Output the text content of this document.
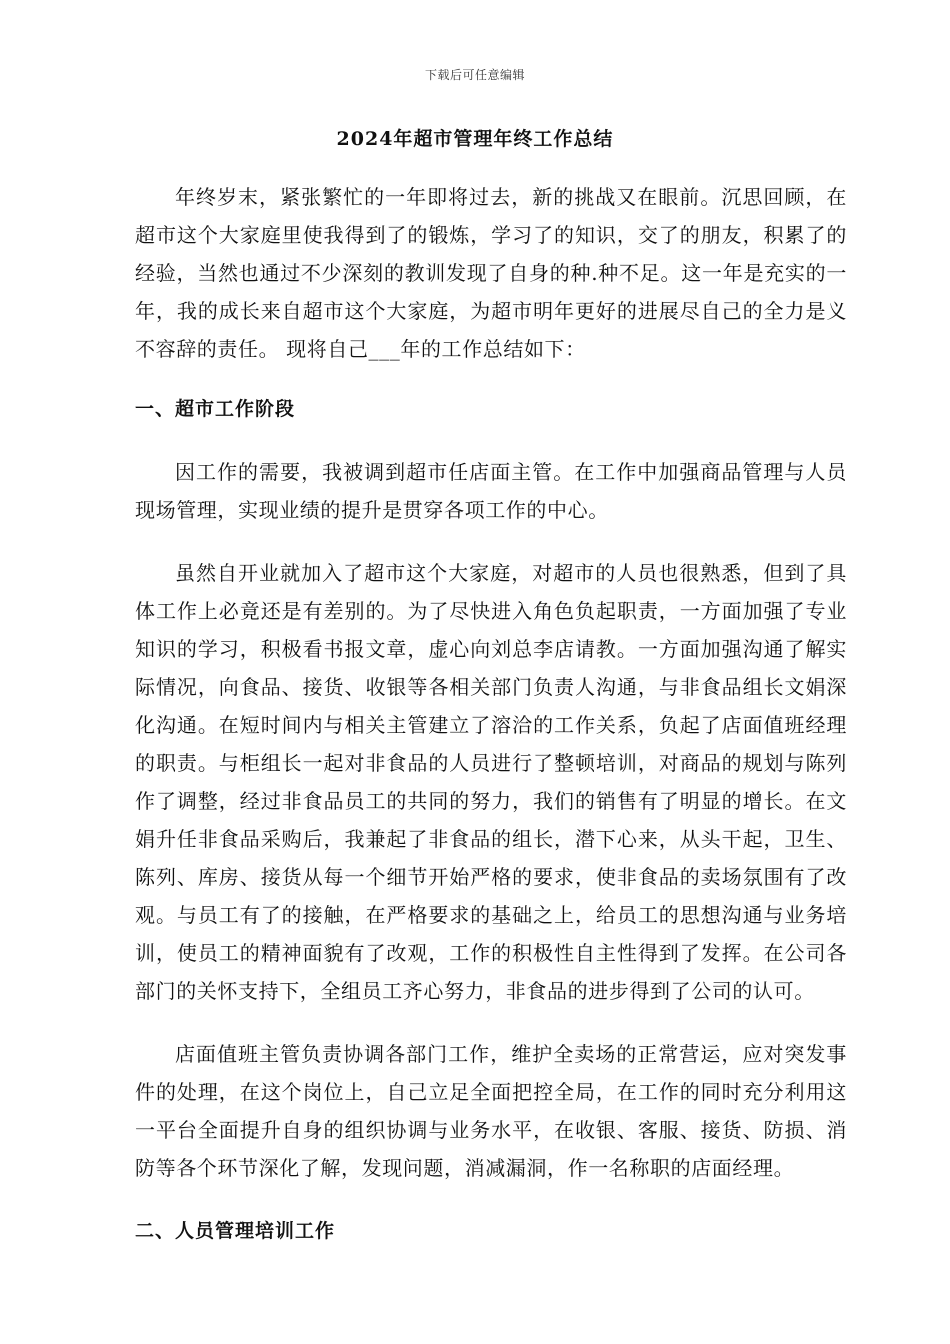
下载后可任意编辑
2024年超市管理年终工作总结

年终岁末，紧张繁忙的一年即将过去，新的挑战又在眼前。沉思回顾，在超市这个大家庭里使我得到了的锻炼，学习了的知识，交了的朋友，积累了的经验，当然也通过不少深刻的教训发现了自身的种.种不足。这一年是充实的一年，我的成长来自超市这个大家庭，为超市明年更好的进展尽自己的全力是义不容辞的责任。 现将自己___年的工作总结如下：

一、超市工作阶段

因工作的需要，我被调到超市任店面主管。在工作中加强商品管理与人员现场管理，实现业绩的提升是贯穿各项工作的中心。

虽然自开业就加入了超市这个大家庭，对超市的人员也很熟悉，但到了具体工作上必竟还是有差别的。为了尽快进入角色负起职责，一方面加强了专业知识的学习，积极看书报文章，虚心向刘总李店请教。一方面加强沟通了解实际情况，向食品、接货、收银等各相关部门负责人沟通，与非食品组长文娟深化沟通。在短时间内与相关主管建立了溶洽的工作关系，负起了店面值班经理的职责。与柜组长一起对非食品的人员进行了整顿培训，对商品的规划与陈列作了调整，经过非食品员工的共同的努力，我们的销售有了明显的增长。在文娟升任非食品采购后，我兼起了非食品的组长，潜下心来，从头干起，卫生、陈列、库房、接货从每一个细节开始严格的要求，使非食品的卖场氛围有了改观。与员工有了的接触，在严格要求的基础之上，给员工的思想沟通与业务培训，使员工的精神面貌有了改观，工作的积极性自主性得到了发挥。在公司各部门的关怀支持下，全组员工齐心努力，非食品的进步得到了公司的认可。

店面值班主管负责协调各部门工作，维护全卖场的正常营运，应对突发事件的处理，在这个岗位上，自己立足全面把控全局，在工作的同时充分利用这一平台全面提升自身的组织协调与业务水平，在收银、客服、接货、防损、消防等各个环节深化了解，发现问题，消减漏洞，作一名称职的店面经理。

二、人员管理培训工作
